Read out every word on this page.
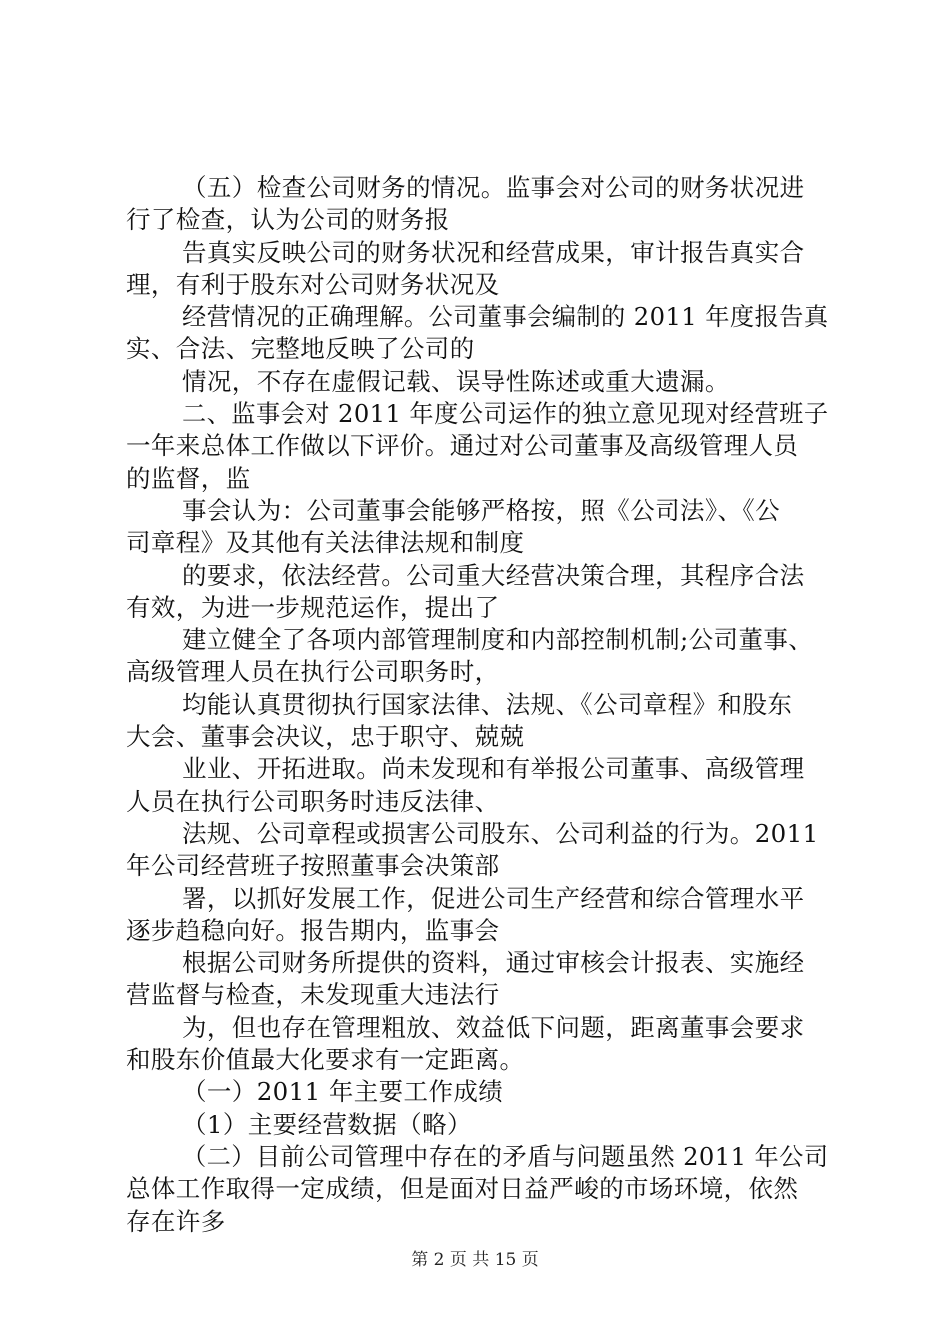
（五）检查公司财务的情况。监事会对公司的财务状况进

行了检查，认为公司的财务报

告真实反映公司的财务状况和经营成果，审计报告真实合

理，有利于股东对公司财务状况及

经营情况的正确理解。公司董事会编制的 2011 年度报告真

实、合法、完整地反映了公司的

情况，不存在虚假记载、误导性陈述或重大遗漏。

二、监事会对 2011 年度公司运作的独立意见现对经营班子

一年来总体工作做以下评价。通过对公司董事及高级管理人员

的监督，监

事会认为：公司董事会能够严格按，照《公司法》、《公

司章程》及其他有关法律法规和制度

的要求，依法经营。公司重大经营决策合理，其程序合法

有效，为进一步规范运作，提出了

建立健全了各项内部管理制度和内部控制机制;公司董事、

高级管理人员在执行公司职务时，

均能认真贯彻执行国家法律、法规、《公司章程》和股东

大会、董事会决议，忠于职守、兢兢

业业、开拓进取。尚未发现和有举报公司董事、高级管理

人员在执行公司职务时违反法律、

法规、公司章程或损害公司股东、公司利益的行为。2011

年公司经营班子按照董事会决策部

署，以抓好发展工作，促进公司生产经营和综合管理水平

逐步趋稳向好。报告期内，监事会

根据公司财务所提供的资料，通过审核会计报表、实施经

营监督与检查，未发现重大违法行

为，但也存在管理粗放、效益低下问题，距离董事会要求

和股东价值最大化要求有一定距离。

（一）2011 年主要工作成绩

（1）主要经营数据（略）

（二）目前公司管理中存在的矛盾与问题虽然 2011 年公司

总体工作取得一定成绩，但是面对日益严峻的市场环境，依然

存在许多

第 2 页 共 15 页
